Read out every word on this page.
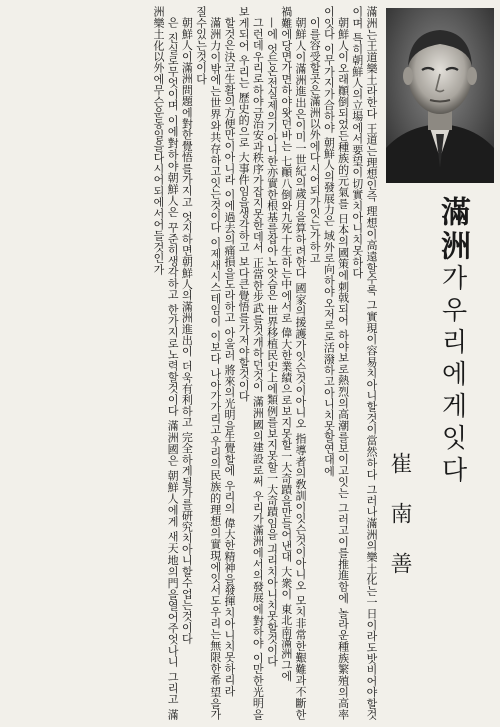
滿洲는王道樂土라한다 王道는理想인즉 理想이高遠할수록 그實現이容易치아니할것이當然하다 그러나滿洲의樂土化는一日이라도밧비어야할것이며 특히朝鮮人의立場에서要望이切實치아니치못하다

朝鮮人이오래顚倒되었든種族的元氣를 日本의國策에刺戟되어 하야보로熱烈의高潮를보이고잇는 그러고이를推進함에 놀라운種族繁殖의高率이잇다 이무가지가合하야 朝鮮人의發展力은 域外로向하야오저로로活潑하고아니치못할연대에

이를容受할곳은滿洲以外에다시어되가잇는가하고

朝鮮人이滿洲進出은이미一世紀의歲月을算하려한다 國家의援護가잇슨것이아니오 指導者의敎訓이잇슨것이아니오 모치非常한艱難과不斷한禍難에당면가면하야왓던바는 七顚八倒와九死十生하는中에서로 偉大한業績으로보지못할一大奇蹟을만들어낸대 大衆이 東北南滿洲그에

—에 엇든온전실제의기아니한亦實한根基를잡아노앗슴은 世界移植民史上에類例를보지못할一大奇蹟임을 긔리치아니치못할것이다

그런데우리로하야금治安과秩序가잡지못한데서 正當한步武를것개하던것이 滿洲國의建設로써 우리가滿洲에서의發展에對하야 이만한光明을보게되어 우리는 歷史的으로 大事件임을생각하고 보다큰覺悟를가저야할것이다

할것은決코生활의方便만이아니라 이에過去의痛損을도라하고 아울러 將來의光明을生覺할에 우리의 偉大한精神을發揮치아니치못하리라

滿洲力이밖에는世界와共存하고잇는것이다 이제새시스테임이 이보다 나아가가리고우리의民族的理想의實現에잇서도우리는無限한希望을가질수있는것이다

朝鮮人이滿洲問題에對한覺悟를가지고 엇지하면朝鮮人의滿洲進出이 더욱有利하고 完全하게될가를硏究치아니할수업는것이다

은 진실로무엇이며 이에對하야朝鮮人은 꾸준히생각하고 한가지로노력할것이다 滿洲國은 朝鮮人에게 새天地의門을열어주엇나니 그리고 滿洲樂土化以外에무슨운동일을다시어되에서어들것인가	滿洲가우리에게잇다
崔南善
